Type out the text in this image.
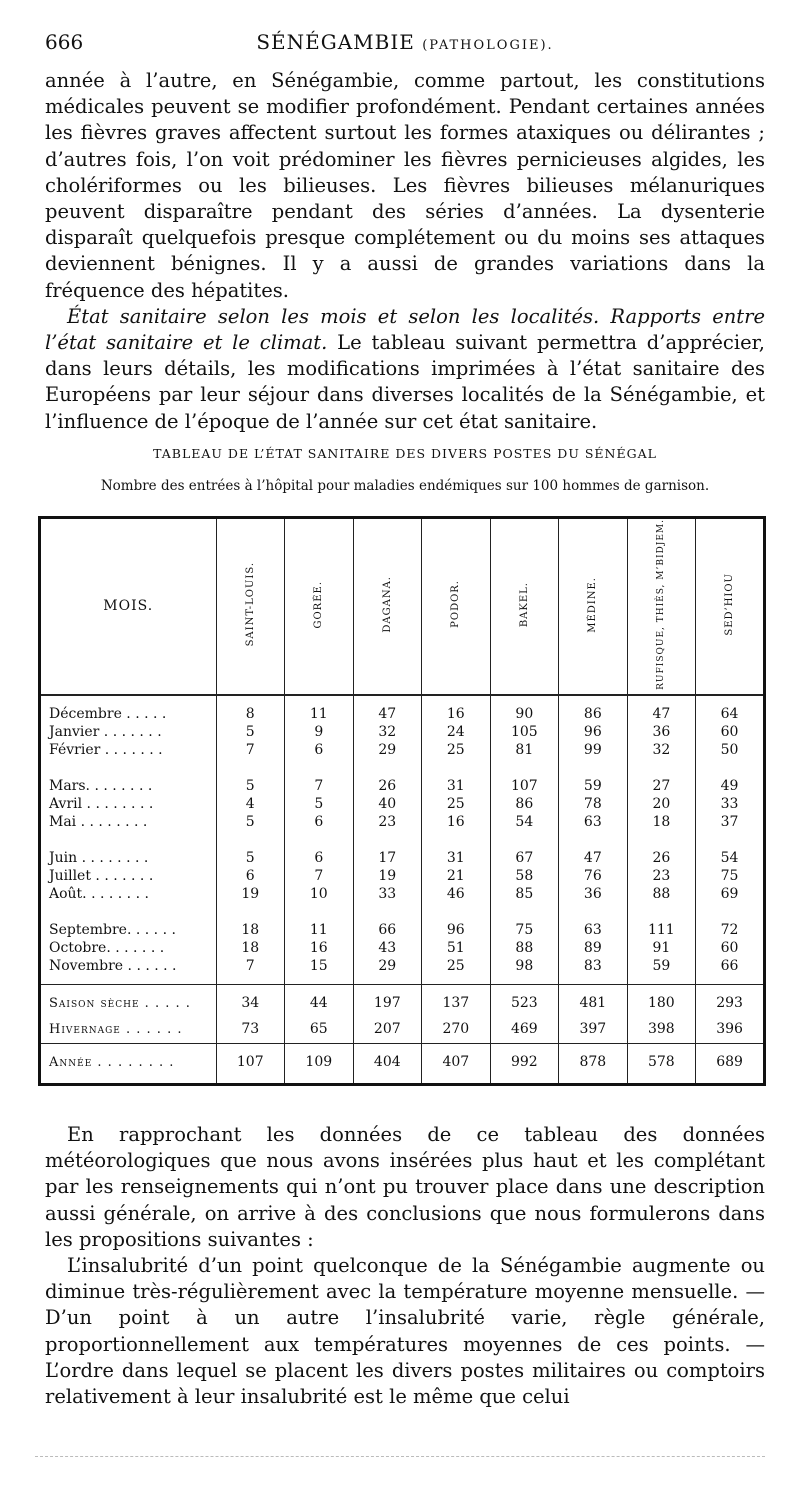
666	SÉNÉGAMBIE (PATHOLOGIE).

année à l’autre, en Sénégambie, comme partout, les constitutions médicales peuvent se modifier profondément. Pendant certaines années les fièvres graves affectent surtout les formes ataxiques ou délirantes ; d’autres fois, l’on voit prédominer les fièvres pernicieuses algides, les cholériformes ou les bilieuses. Les fièvres bilieuses mélanuriques peuvent disparaître pendant des séries d’années. La dysenterie disparaît quelquefois presque complétement ou du moins ses attaques deviennent bénignes. Il y a aussi de grandes variations dans la fréquence des hépatites.

État sanitaire selon les mois et selon les localités. Rapports entre l’état sanitaire et le climat. Le tableau suivant permettra d’apprécier, dans leurs détails, les modifications imprimées à l’état sanitaire des Européens par leur séjour dans diverses localités de la Sénégambie, et l’influence de l’époque de l’année sur cet état sanitaire.

TABLEAU DE L’ÉTAT SANITAIRE DES DIVERS POSTES DU SÉNÉGAL
Nombre des entrées à l’hôpital pour maladies endémiques sur 100 hommes de garnison.
MOIS.	SAINT-LOUIS.	GORÉE.	DAGANA.	PODOR.	BAKEL.	MÉDINE.	RUFISQUE, THIÈS, M’BIDJEM.	SED’HIOU
Décembre . . . . .	8	11	47	16	90	86	47	64
Janvier . . . . . . .	5	9	32	24	105	96	36	60
Février . . . . . . .	7	6	29	25	81	99	32	50
Mars. . . . . . . .	5	7	26	31	107	59	27	49
Avril . . . . . . . .	4	5	40	25	86	78	20	33
Mai . . . . . . . .	5	6	23	16	54	63	18	37
Juin . . . . . . . .	5	6	17	31	67	47	26	54
Juillet . . . . . . .	6	7	19	21	58	76	23	75
Août. . . . . . . .	19	10	33	46	85	36	88	69
Septembre. . . . . .	18	11	66	96	75	63	111	72
Octobre. . . . . . .	18	16	43	51	88	89	91	60
Novembre . . . . . .	7	15	29	25	98	83	59	66
Saison sèche . . . . .	34	44	197	137	523	481	180	293
Hivernage . . . . . .	73	65	207	270	469	397	398	396
Année . . . . . . . .	107	109	404	407	992	878	578	689

En rapprochant les données de ce tableau des données météorologiques que nous avons insérées plus haut et les complétant par les renseignements qui n’ont pu trouver place dans une description aussi générale, on arrive à des conclusions que nous formulerons dans les propositions suivantes :

L’insalubrité d’un point quelconque de la Sénégambie augmente ou diminue très-régulièrement avec la température moyenne mensuelle. — D’un point à un autre l’insalubrité varie, règle générale, proportionnellement aux températures moyennes de ces points. — L’ordre dans lequel se placent les divers postes militaires ou comptoirs relativement à leur insalubrité est le même que celui
